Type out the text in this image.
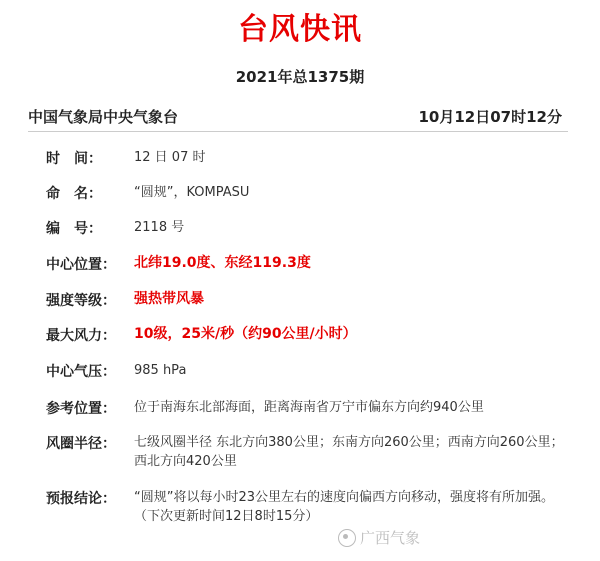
台风快讯
2021年总1375期
中国气象局中央气象台	10月12日07时12分
时　间： 12 日 07 时
命　名： “圆规”，KOMPASU
编　号： 2118 号
中心位置： 北纬19.0度、东经119.3度
强度等级： 强热带风暴
最大风力： 10级，25米/秒（约90公里/小时）
中心气压： 985 hPa
参考位置： 位于南海东北部海面，距离海南省万宁市偏东方向约940公里
风圈半径： 七级风圈半径 东北方向380公里；东南方向260公里；西南方向260公里；西北方向420公里
预报结论： “圆规”将以每小时23公里左右的速度向偏西方向移动，强度将有所加强。
（下次更新时间12日8时15分）
广西气象
